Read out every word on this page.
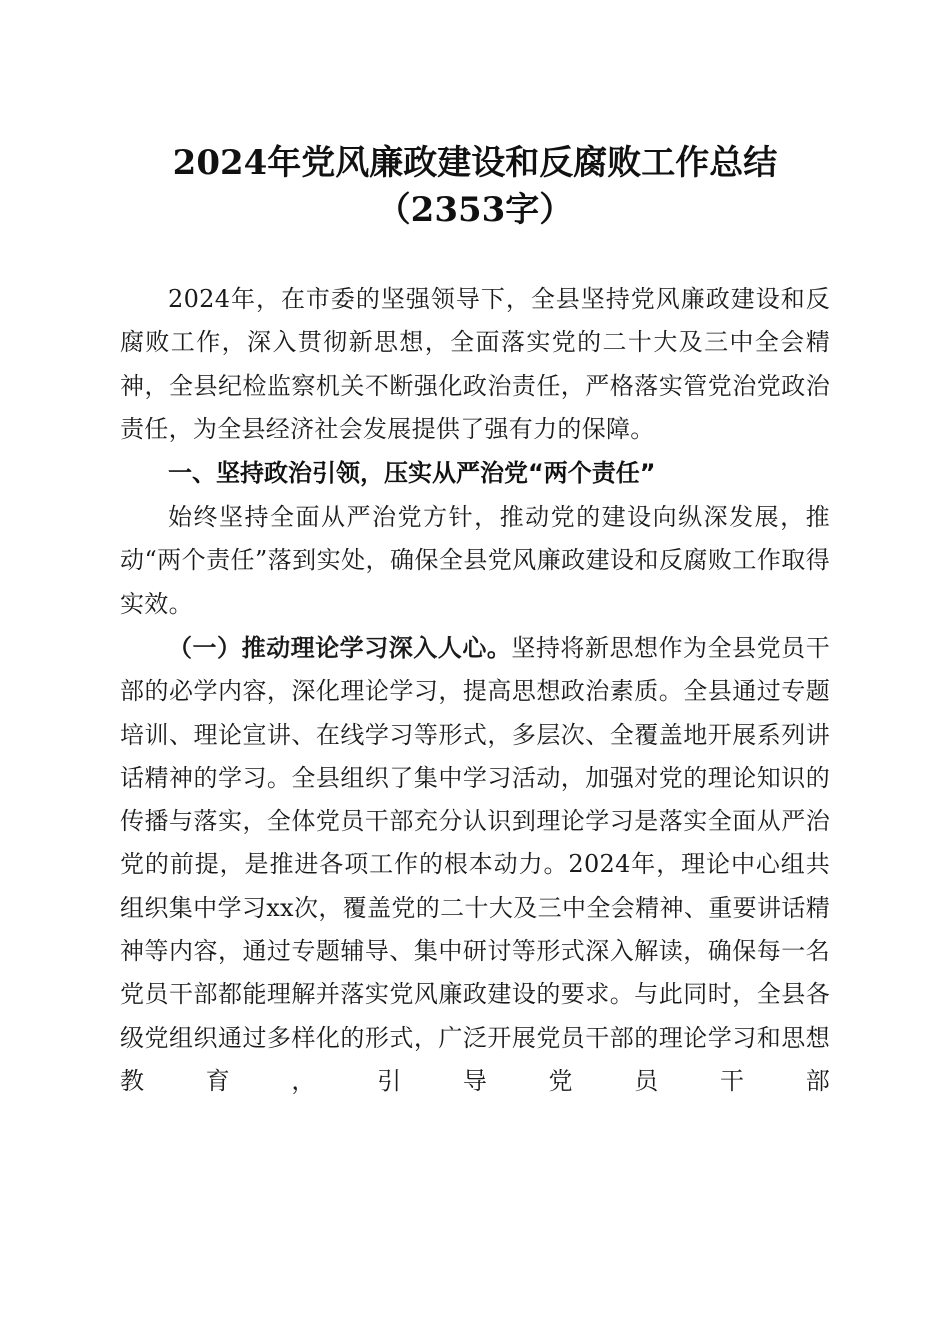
2024年党风廉政建设和反腐败工作总结
（2353字）
2024年，在市委的坚强领导下，全县坚持党风廉政建设和反腐败工作，深入贯彻新思想，全面落实党的二十大及三中全会精神，全县纪检监察机关不断强化政治责任，严格落实管党治党政治责任，为全县经济社会发展提供了强有力的保障。
一、坚持政治引领，压实从严治党“两个责任”
始终坚持全面从严治党方针，推动党的建设向纵深发展，推动“两个责任”落到实处，确保全县党风廉政建设和反腐败工作取得实效。
（一）推动理论学习深入人心。坚持将新思想作为全县党员干部的必学内容，深化理论学习，提高思想政治素质。全县通过专题培训、理论宣讲、在线学习等形式，多层次、全覆盖地开展系列讲话精神的学习。全县组织了集中学习活动，加强对党的理论知识的传播与落实，全体党员干部充分认识到理论学习是落实全面从严治党的前提，是推进各项工作的根本动力。2024年，理论中心组共组织集中学习xx次，覆盖党的二十大及三中全会精神、重要讲话精神等内容，通过专题辅导、集中研讨等形式深入解读，确保每一名党员干部都能理解并落实党风廉政建设的要求。与此同时，全县各级党组织通过多样化的形式，广泛开展党员干部的理论学习和思想教育，引导党员干部
